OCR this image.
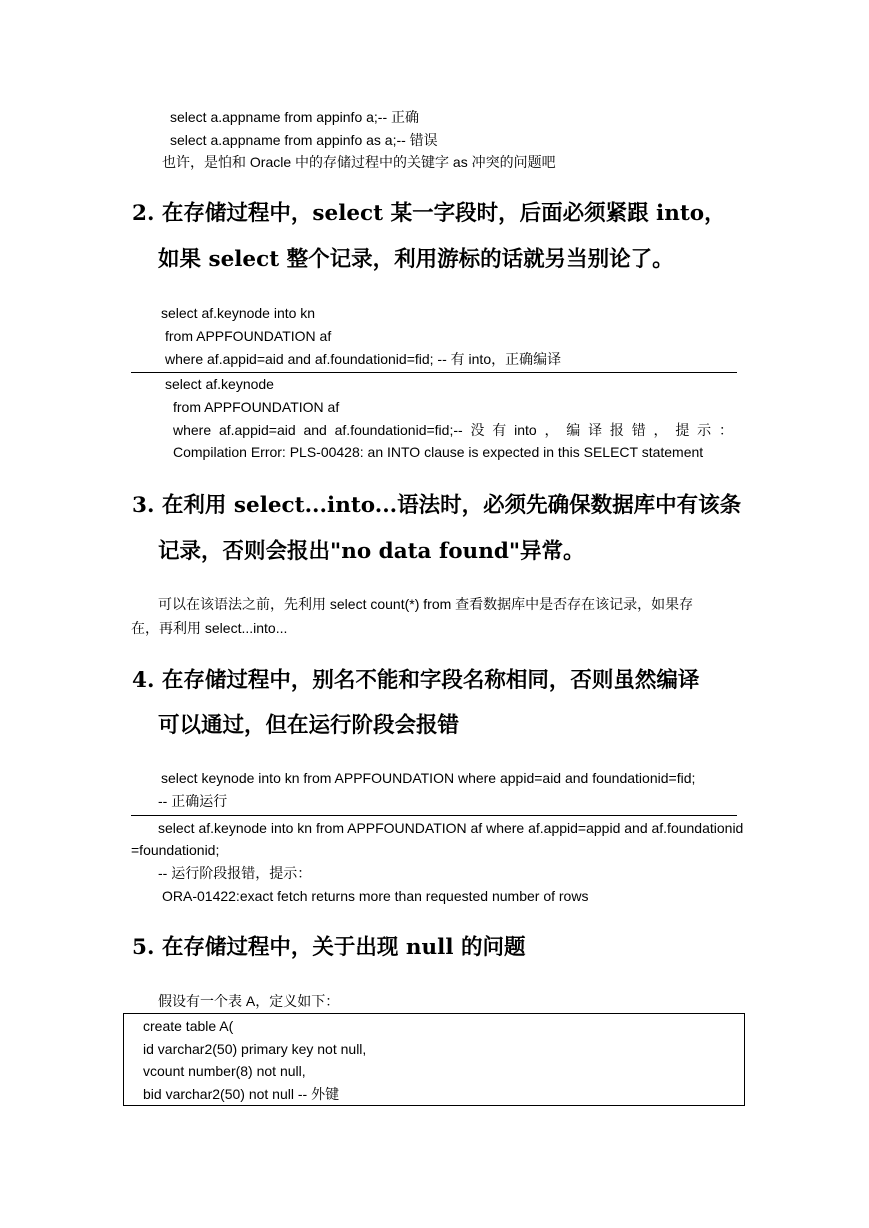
select a.appname from appinfo a;-- 正确
select a.appname from appinfo as a;-- 错误
也许，是怕和 Oracle 中的存储过程中的关键字 as 冲突的问题吧
2. 在存储过程中，select 某一字段时，后面必须紧跟 into，
如果 select 整个记录，利用游标的话就另当别论了。
select af.keynode into kn
from APPFOUNDATION af
where af.appid=aid and af.foundationid=fid; -- 有 into，正确编译
select af.keynode
from APPFOUNDATION af
where af.appid=aid and af.foundationid=fid;-- 没 有 into ， 编 译 报 错 ， 提 示 ：
Compilation Error: PLS-00428: an INTO clause is expected in this SELECT statement
3. 在利用 select...into...语法时，必须先确保数据库中有该条
记录，否则会报出"no data found"异常。
可以在该语法之前，先利用 select count(*) from 查看数据库中是否存在该记录，如果存
在，再利用 select...into...
4. 在存储过程中，别名不能和字段名称相同，否则虽然编译
可以通过，但在运行阶段会报错
select keynode into kn from APPFOUNDATION where appid=aid and foundationid=fid;
-- 正确运行
select af.keynode into kn from APPFOUNDATION af where af.appid=appid and af.foundationid
=foundationid;
-- 运行阶段报错，提示：
ORA-01422:exact fetch returns more than requested number of rows
5. 在存储过程中，关于出现 null 的问题
假设有一个表 A，定义如下：
create table A(
id varchar2(50) primary key not null,
vcount number(8) not null,
bid varchar2(50) not null -- 外键
